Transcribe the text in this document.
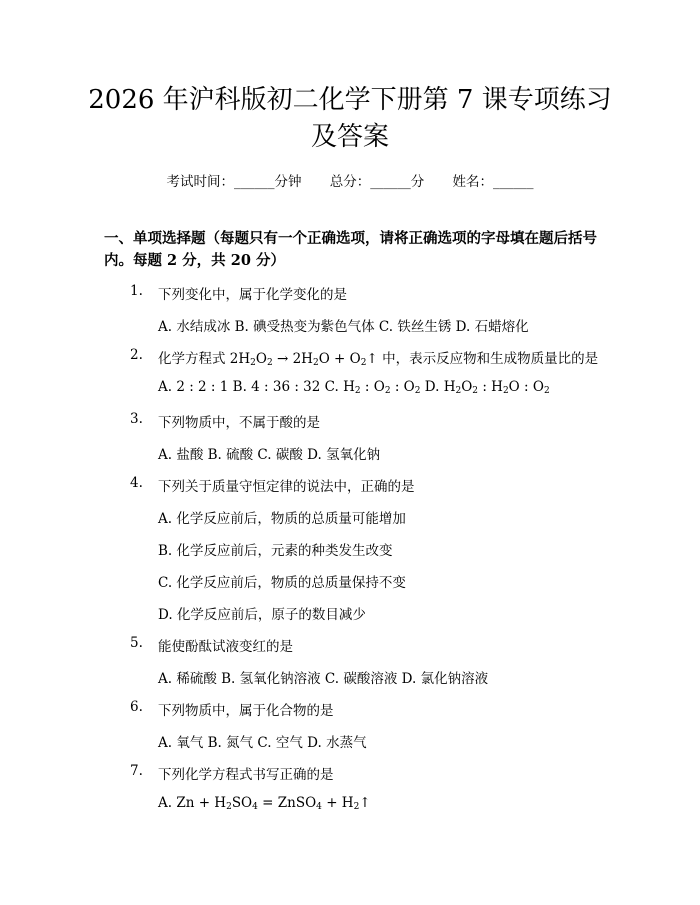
2026 年沪科版初二化学下册第 7 课专项练习
及答案
考试时间：______分钟 总分：______分 姓名：______
一、单项选择题（每题只有一个正确选项，请将正确选项的字母填在题后括号内。每题 2 分，共 20 分）
1. 下列变化中，属于化学变化的是
A. 水结成冰 B. 碘受热变为紫色气体 C. 铁丝生锈 D. 石蜡熔化
2. 化学方程式 $2H_2O_2 \to 2H_2O$ + $O_2↑$ 中，表示反应物和生成物质量比的是
A. 2 : 2 : 1 B. 4 : 36 : 32 C. $H_2$ : $O_2$ : $O_2$ D. $H_2O_2$ : $H_2O$ : $O_2$
3. 下列物质中，不属于酸的是
A. 盐酸 B. 硫酸 C. 碳酸 D. 氢氧化钠
4. 下列关于质量守恒定律的说法中，正确的是
A. 化学反应前后，物质的总质量可能增加
B. 化学反应前后，元素的种类发生改变
C. 化学反应前后，物质的总质量保持不变
D. 化学反应前后，原子的数目减少
5. 能使酚酞试液变红的是
A. 稀硫酸 B. 氢氧化钠溶液 C. 碳酸溶液 D. 氯化钠溶液
6. 下列物质中，属于化合物的是
A. 氧气 B. 氮气 C. 空气 D. 水蒸气
7. 下列化学方程式书写正确的是
A. $Zn + H_2SO_4$ = ZnSO$_4$ + $H_2↑$
